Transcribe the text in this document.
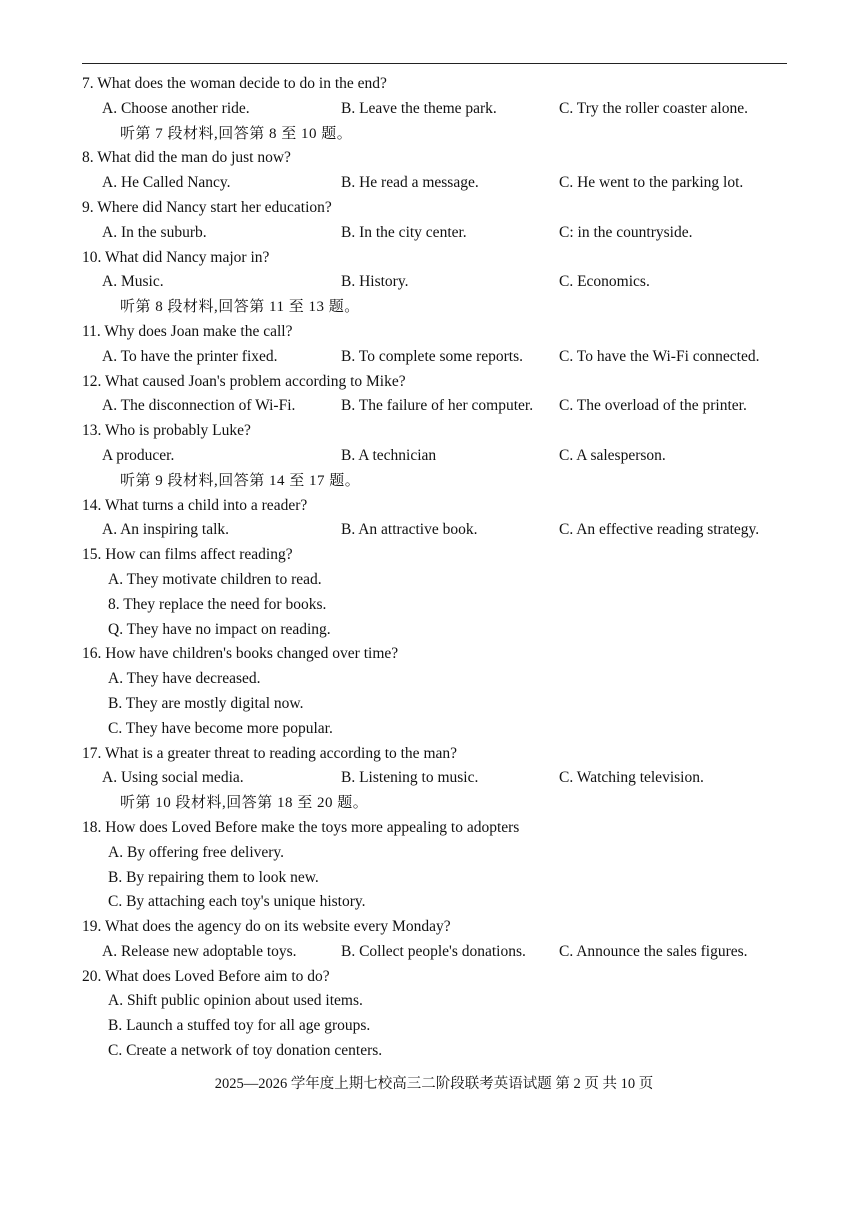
7. What does the woman decide to do in the end?
A. Choose another ride.	B. Leave the theme park.	C. Try the roller coaster alone.
听第 7 段材料,回答第 8 至 10 题。
8. What did the man do just now?
A. He Called Nancy.	B. He read a message.	C. He went to the parking lot.
9. Where did Nancy start her education?
A. In the suburb.	B. In the city center.	C: in the countryside.
10. What did Nancy major in?
A. Music.	B. History.	C. Economics.
听第 8 段材料,回答第 11 至 13 题。
11. Why does Joan make the call?
A. To have the printer fixed.	B. To complete some reports. C. To have the Wi-Fi connected.
12. What caused Joan's problem according to Mike?
A. The disconnection of Wi-Fi.	B. The failure of her computer. C. The overload of the printer.
13. Who is probably Luke?
A producer.	B. A technician	C. A salesperson.
听第 9 段材料,回答第 14 至 17 题。
14. What turns a child into a reader?
A. An inspiring talk.	B. An attractive book.	C. An effective reading strategy.
15. How can films affect reading?
A. They motivate children to read.
8. They replace the need for books.
Q. They have no impact on reading.
16. How have children's books changed over time?
A. They have decreased.
B. They are mostly digital now.
C. They have become more popular.
17. What is a greater threat to reading according to the man?
A. Using social media.	B. Listening to music.	C. Watching television.
听第 10 段材料,回答第 18 至 20 题。
18. How does Loved Before make the toys more appealing to adopters
A. By offering free delivery.
B. By repairing them to look new.
C. By attaching each toy's unique history.
19. What does the agency do on its website every Monday?
A. Release new adoptable toys.	B. Collect people's donations. C. Announce the sales figures.
20. What does Loved Before aim to do?
A. Shift public opinion about used items.
B. Launch a stuffed toy for all age groups.
C. Create a network of toy donation centers.
2025—2026 学年度上期七校高三二阶段联考英语试题 第 2 页 共 10 页
